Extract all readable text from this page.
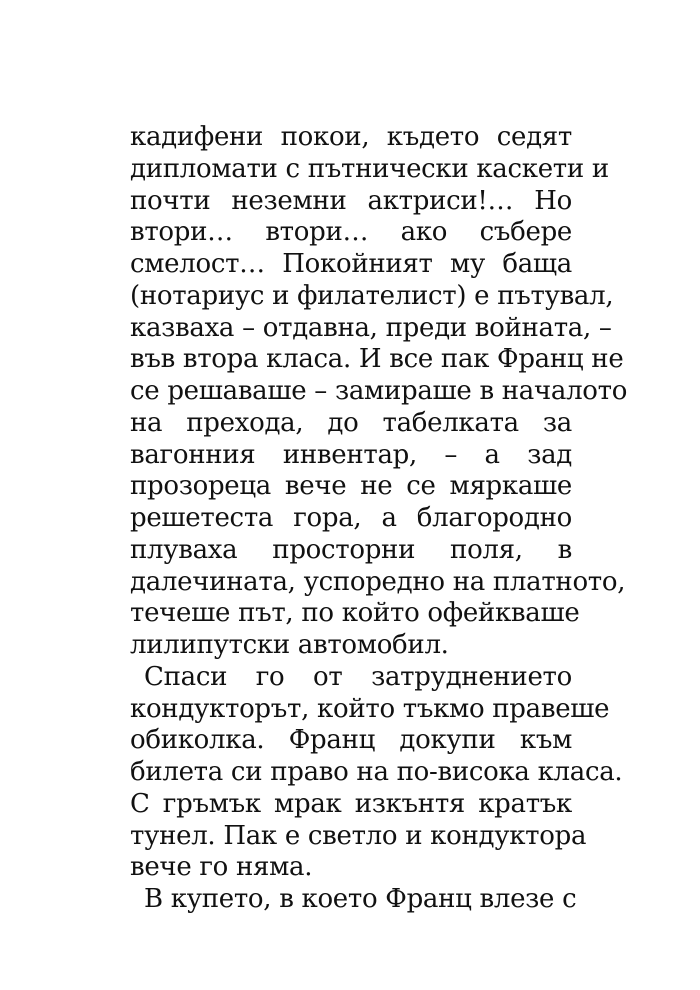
кадифени покои, където седят
дипломати с пътнически каскети и
почти неземни актриси!… Но
втори… втори… ако събере
смелост… Покойният му баща
(нотариус и филателист) е пътувал,
казваха – отдавна, преди войната, –
във втора класа. И все пак Франц не
се решаваше – замираше в началото
на прехода, до табелката за
вагонния инвентар, – а зад
прозореца вече не се мяркаше
решетеста гора, а благородно
плуваха просторни поля, в
далечината, успоредно на платното,
течеше път, по който офейкваше
лилипутски автомобил.
Спаси го от затруднението
кондукторът, който тъкмо правеше
обиколка. Франц докупи към
билета си право на по-висока класа.
С гръмък мрак изкънтя кратък
тунел. Пак е светло и кондуктора
вече го няма.
В купето, в което Франц влезе с
